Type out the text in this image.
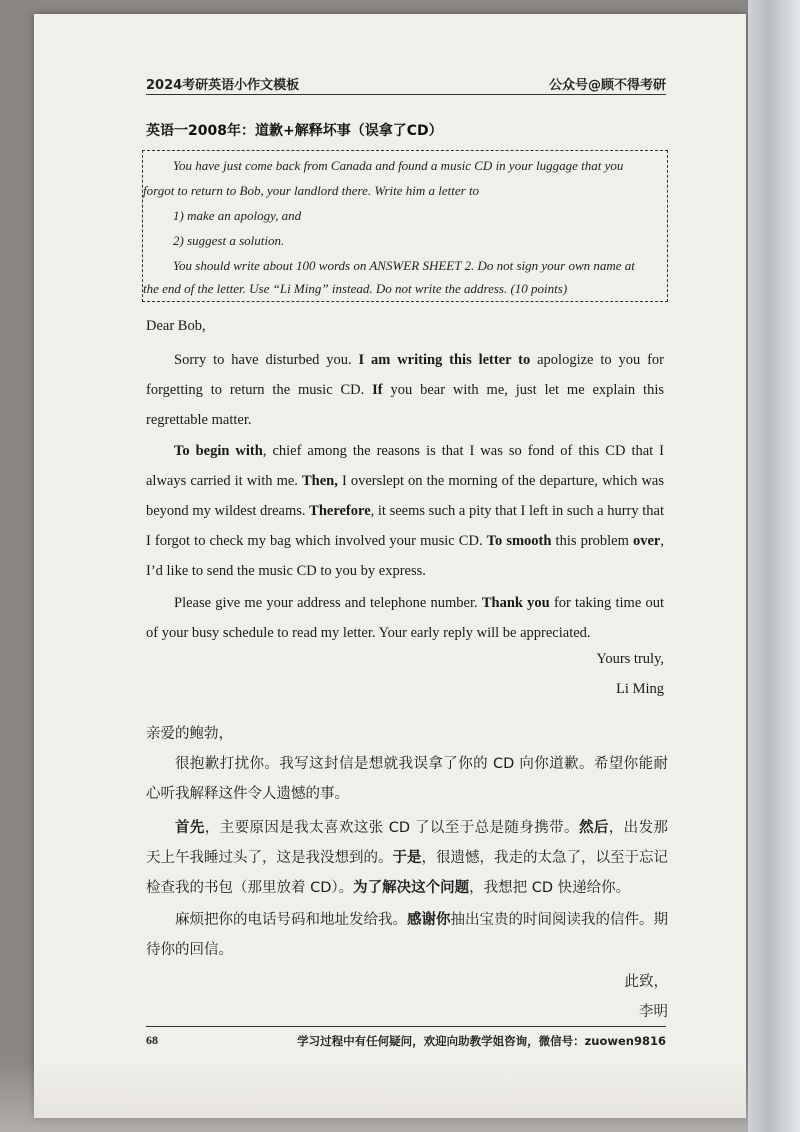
2024考研英语小作文模板	公众号@顾不得考研
英语一2008年：道歉+解释坏事（误拿了CD）
You have just come back from Canada and found a music CD in your luggage that you
forgot to return to Bob, your landlord there. Write him a letter to
1) make an apology, and
2) suggest a solution.
You should write about 100 words on ANSWER SHEET 2. Do not sign your own name at
the end of the letter. Use “Li Ming” instead. Do not write the address. (10 points)
Dear Bob,

Sorry to have disturbed you. I am writing this letter to apologize to you for forgetting to return the music CD. If you bear with me, just let me explain this regrettable matter.

To begin with, chief among the reasons is that I was so fond of this CD that I always carried it with me. Then, I overslept on the morning of the departure, which was beyond my wildest dreams. Therefore, it seems such a pity that I left in such a hurry that I forgot to check my bag which involved your music CD. To smooth this problem over, I’d like to send the music CD to you by express.

Please give me your address and telephone number. Thank you for taking time out of your busy schedule to read my letter. Your early reply will be appreciated.

Yours truly,
Li Ming
亲爱的鲍勃，

很抱歉打扰你。我写这封信是想就我误拿了你的 CD 向你道歉。希望你能耐心听我解释这件令人遗憾的事。

首先，主要原因是我太喜欢这张 CD 了以至于总是随身携带。然后，出发那天上午我睡过头了，这是我没想到的。于是，很遗憾，我走的太急了，以至于忘记检查我的书包（那里放着 CD）。为了解决这个问题，我想把 CD 快递给你。

麻烦把你的电话号码和地址发给我。感谢你抽出宝贵的时间阅读我的信件。期待你的回信。

此致，
李明
68	学习过程中有任何疑问，欢迎向助教学姐咨询，微信号：zuowen9816
